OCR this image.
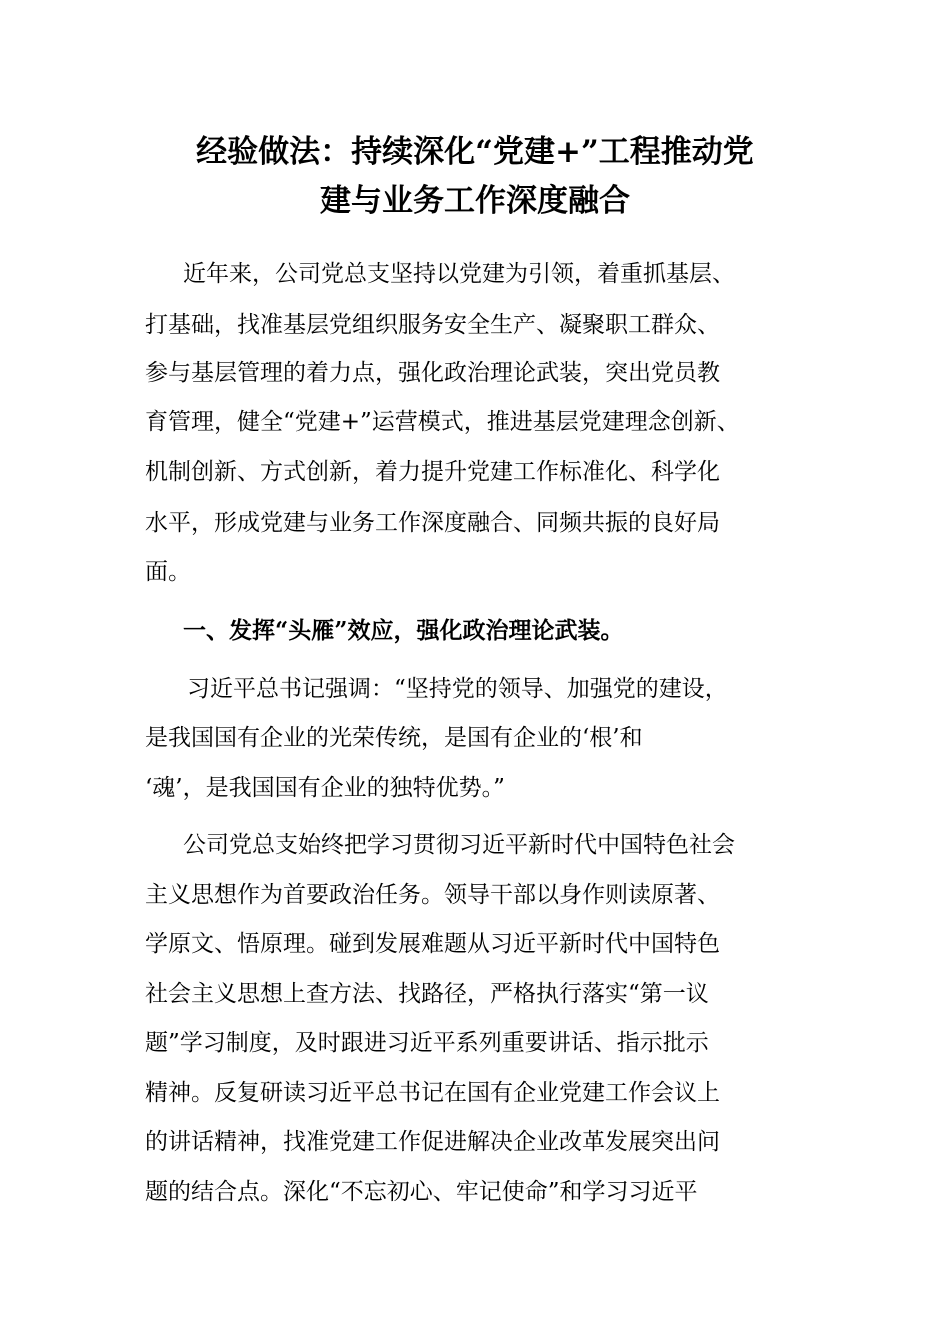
经验做法：持续深化“党建+”工程推动党
建与业务工作深度融合
近年来，公司党总支坚持以党建为引领，着重抓基层、
打基础，找准基层党组织服务安全生产、凝聚职工群众、
参与基层管理的着力点，强化政治理论武装，突出党员教
育管理，健全“党建+”运营模式，推进基层党建理念创新、
机制创新、方式创新，着力提升党建工作标准化、科学化
水平，形成党建与业务工作深度融合、同频共振的良好局
面。
一、发挥“头雁”效应，强化政治理论武装。
习近平总书记强调：“坚持党的领导、加强党的建设，
是我国国有企业的光荣传统，是国有企业的‘根’和
‘魂’，是我国国有企业的独特优势。”
公司党总支始终把学习贯彻习近平新时代中国特色社会
主义思想作为首要政治任务。领导干部以身作则读原著、
学原文、悟原理。碰到发展难题从习近平新时代中国特色
社会主义思想上查方法、找路径，严格执行落实“第一议
题”学习制度，及时跟进习近平系列重要讲话、指示批示
精神。反复研读习近平总书记在国有企业党建工作会议上
的讲话精神，找准党建工作促进解决企业改革发展突出问
题的结合点。深化“不忘初心、牢记使命”和学习习近平
